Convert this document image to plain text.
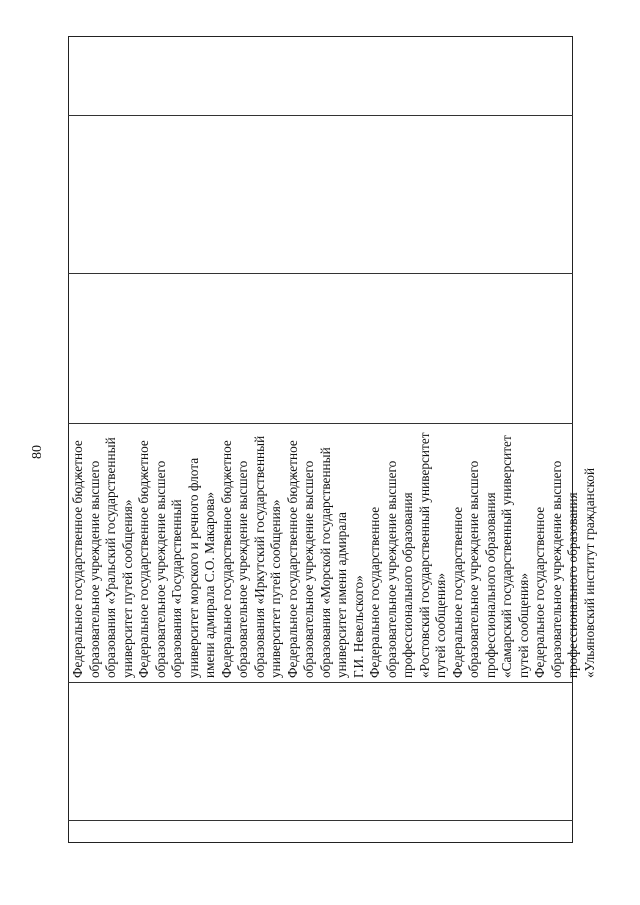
80 Федеральное государственное бюджетное образовательное учреждение высшего образования «Уральский государственный университет путей сообщения» Федеральное государственное бюджетное образовательное учреждение высшего образования «Государственный университет морского и речного флота имени адмирала С.О. Макарова» Федеральное государственное бюджетное образовательное учреждение высшего образования «Иркутский государственный университет путей сообщения» Федеральное государственное бюджетное образовательное учреждение высшего образования «Морской государственный университет имени адмирала Г.И. Невельского» Федеральное государственное образовательное учреждение высшего профессионального образования «Ростовский государственный университет путей сообщения» Федеральное государственное образовательное учреждение высшего профессионального образования «Самарский государственный университет путей сообщения» Федеральное государственное образовательное учреждение высшего профессионального образования «Ульяновский институт гражданской
